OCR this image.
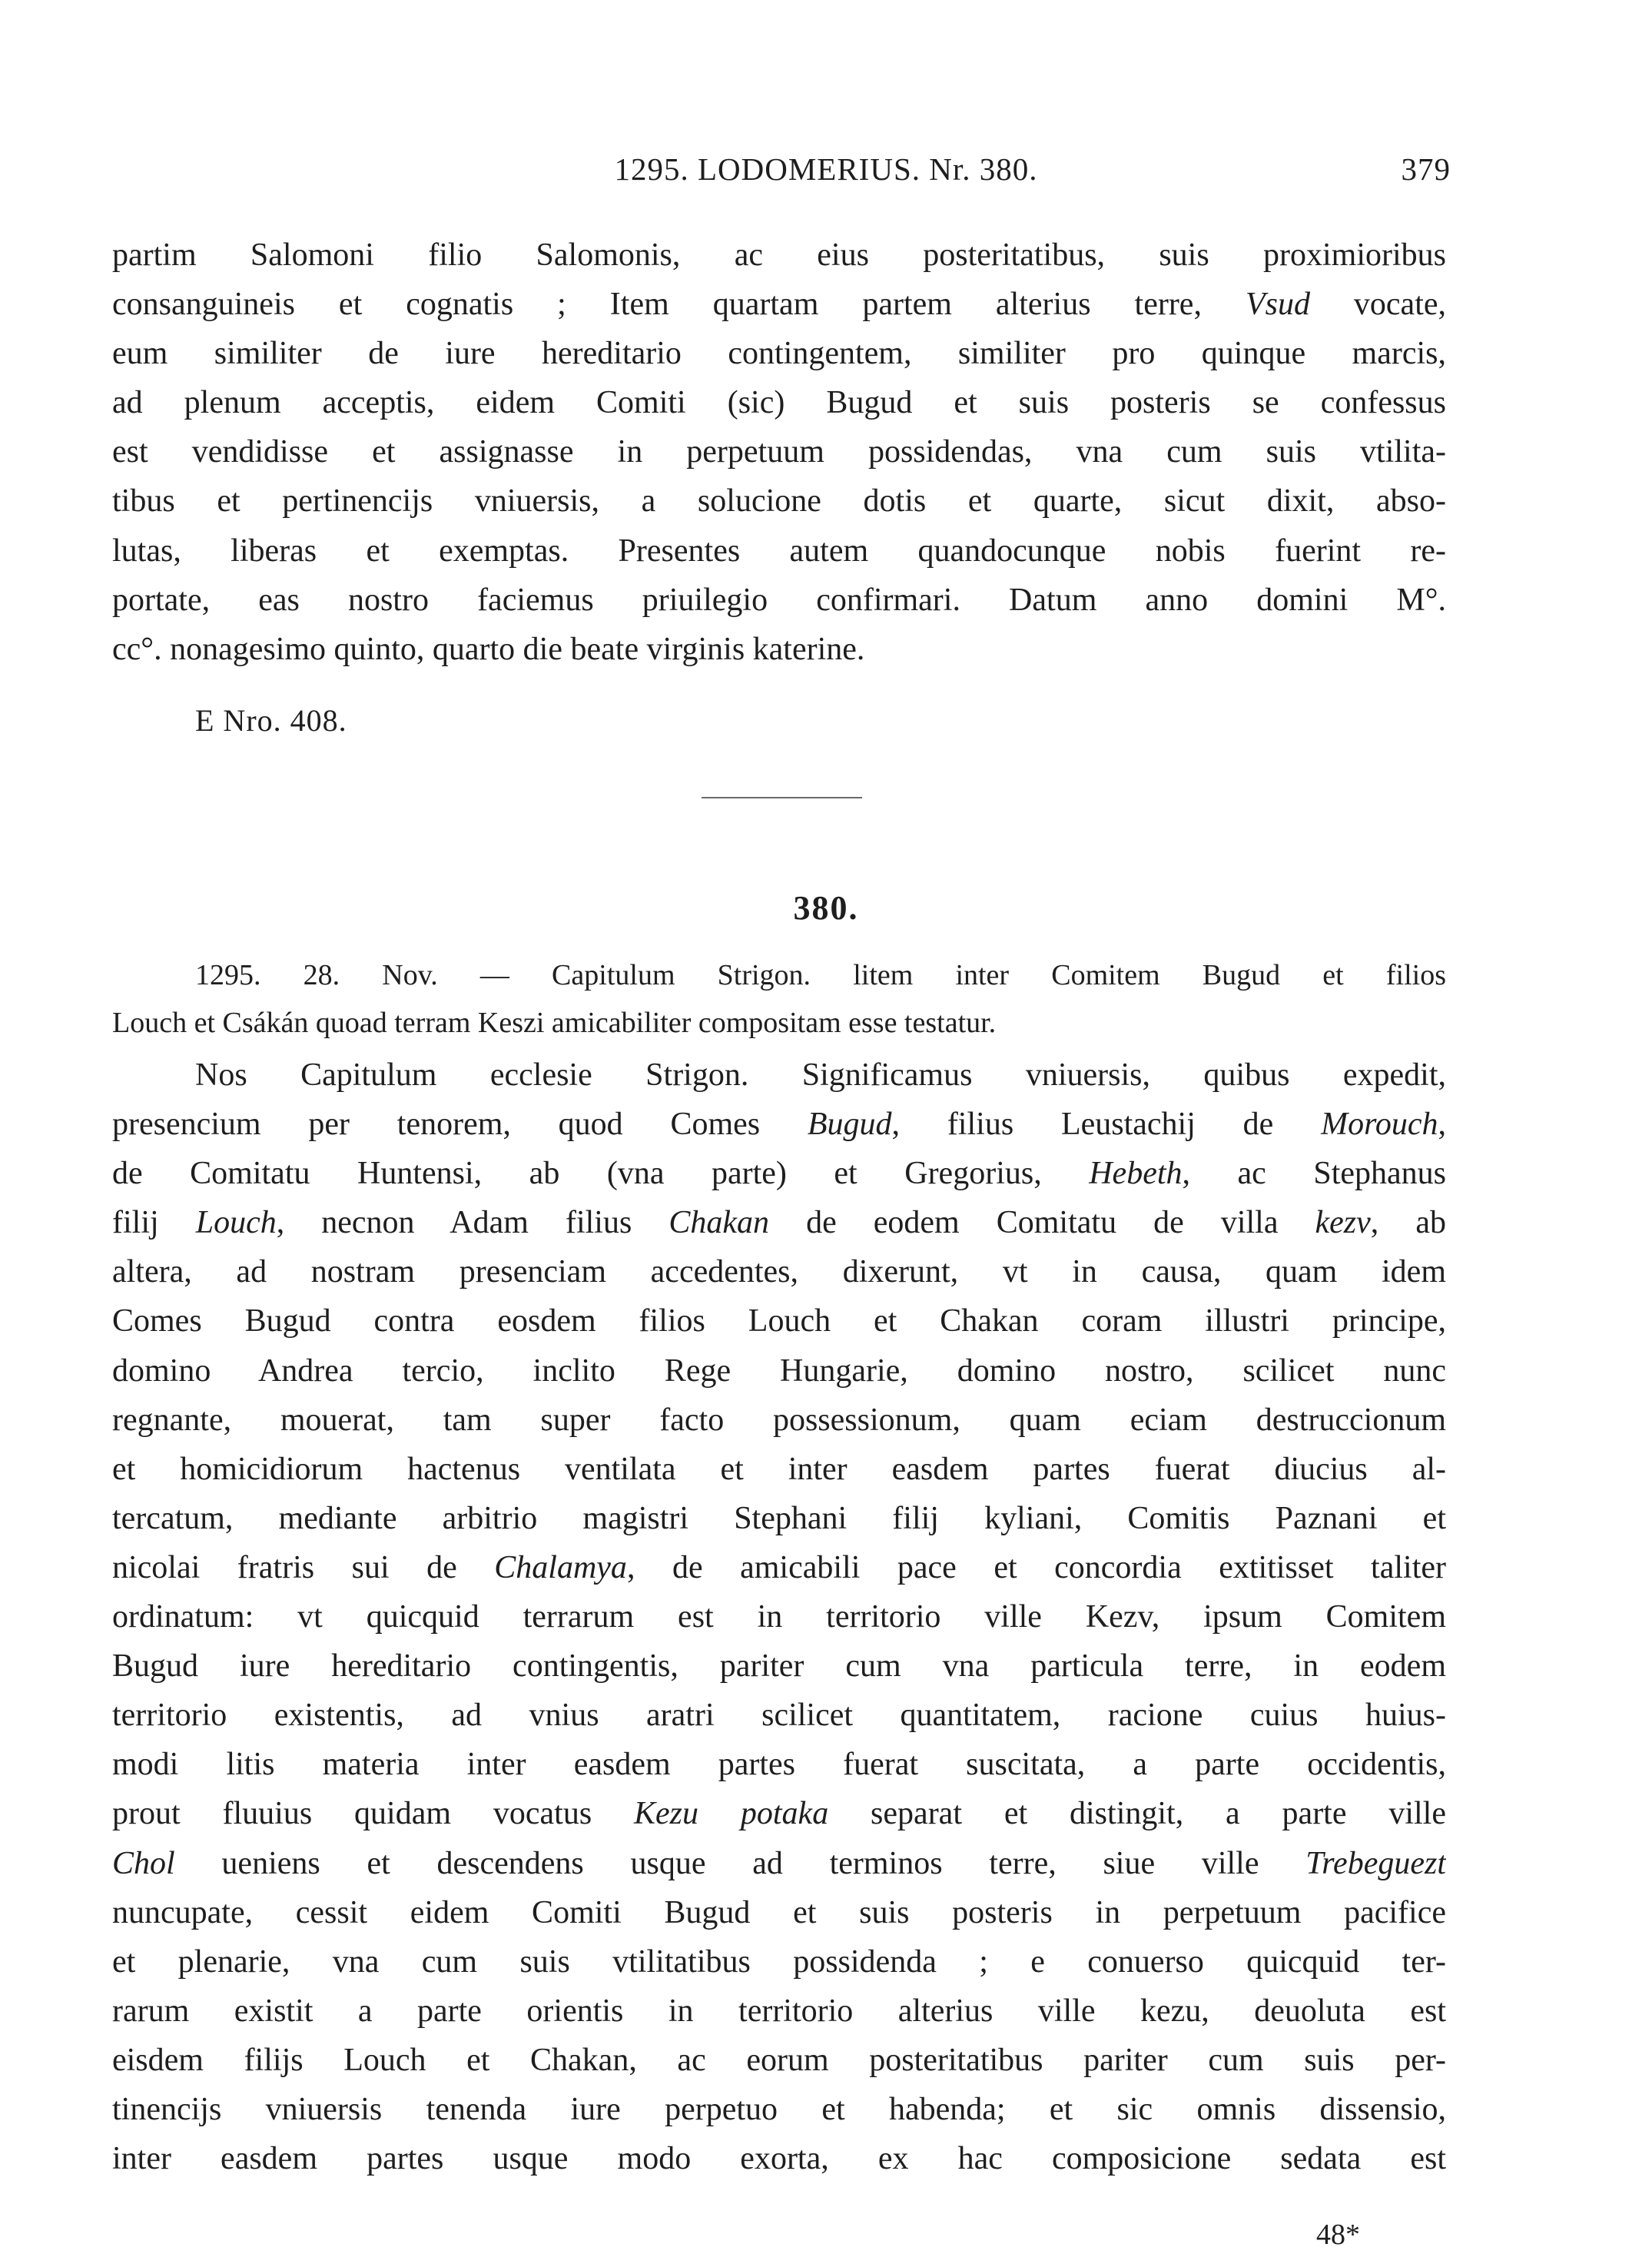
1295. LODOMERIUS. Nr. 380.	379
partim Salomoni filio Salomonis, ac eius posteritatibus, suis proximioribus
consanguineis et cognatis ; Item quartam partem alterius terre, Vsud vocate,
eum similiter de iure hereditario contingentem, similiter pro quinque marcis,
ad plenum acceptis, eidem Comiti (sic) Bugud et suis posteris se confessus
est vendidisse et assignasse in perpetuum possidendas, vna cum suis vtilita-
tibus et pertinencijs vniuersis, a solucione dotis et quarte, sicut dixit, abso-
lutas, liberas et exemptas. Presentes autem quandocunque nobis fuerint re-
portate, eas nostro faciemus priuilegio confirmari. Datum anno domini M°.
cc°. nonagesimo quinto, quarto die beate virginis katerine.
E Nro. 408.
380.
1295. 28. Nov. — Capitulum Strigon. litem inter Comitem Bugud et filios
Louch et Csákán quoad terram Keszi amicabiliter compositam esse testatur.
Nos Capitulum ecclesie Strigon. Significamus vniuersis, quibus expedit,
presencium per tenorem, quod Comes Bugud, filius Leustachij de Morouch,
de Comitatu Huntensi, ab (vna parte) et Gregorius, Hebeth, ac Stephanus
filij Louch, necnon Adam filius Chakan de eodem Comitatu de villa kezv, ab
altera, ad nostram presenciam accedentes, dixerunt, vt in causa, quam idem
Comes Bugud contra eosdem filios Louch et Chakan coram illustri principe,
domino Andrea tercio, inclito Rege Hungarie, domino nostro, scilicet nunc
regnante, mouerat, tam super facto possessionum, quam eciam destruccionum
et homicidiorum hactenus ventilata et inter easdem partes fuerat diucius al-
tercatum, mediante arbitrio magistri Stephani filij kyliani, Comitis Paznani et
nicolai fratris sui de Chalamya, de amicabili pace et concordia extitisset taliter
ordinatum: vt quicquid terrarum est in territorio ville Kezv, ipsum Comitem
Bugud iure hereditario contingentis, pariter cum vna particula terre, in eodem
territorio existentis, ad vnius aratri scilicet quantitatem, racione cuius huius-
modi litis materia inter easdem partes fuerat suscitata, a parte occidentis,
prout fluuius quidam vocatus Kezu potaka separat et distingit, a parte ville
Chol ueniens et descendens usque ad terminos terre, siue ville Trebeguezt
nuncupate, cessit eidem Comiti Bugud et suis posteris in perpetuum pacifice
et plenarie, vna cum suis vtilitatibus possidenda ; e conuerso quicquid ter-
rarum existit a parte orientis in territorio alterius ville kezu, deuoluta est
eisdem filijs Louch et Chakan, ac eorum posteritatibus pariter cum suis per-
tinencijs vniuersis tenenda iure perpetuo et habenda; et sic omnis dissensio,
inter easdem partes usque modo exorta, ex hac composicione sedata est
48*
